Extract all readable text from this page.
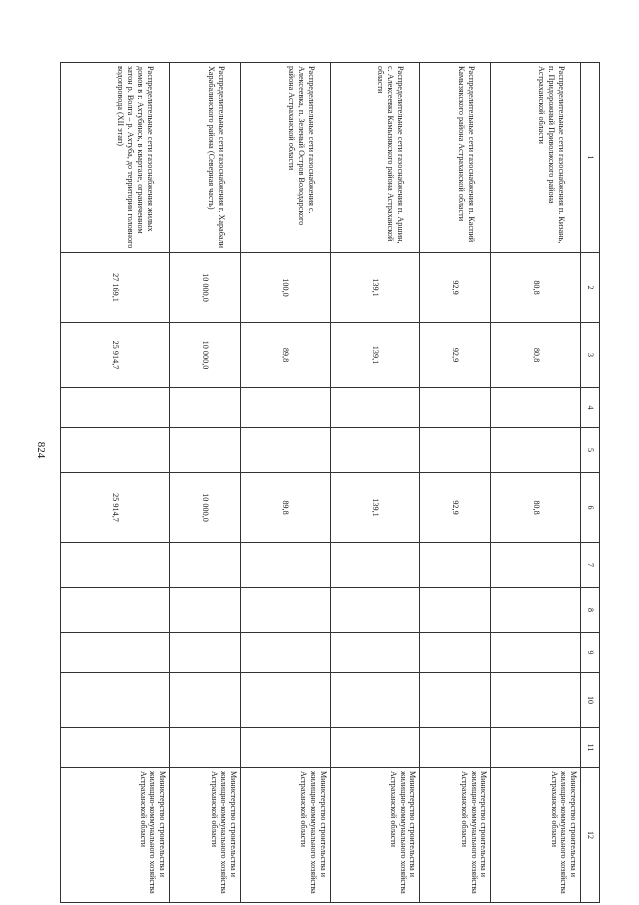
824
1	2	3	4	5	6	7	8	9	10	11	12
Распределительные сети газоснабжения п. Кизань, п. Придорожный Приволжского района Астраханской области	80,8	80,8			80,8						Министерство строительства и жилищно-коммунального хозяйства Астраханской области
Распределительные сети газоснабжения п. Каспий Камызякского района Астраханской области	92,9	92,9			92,9						Министерство строительства и жилищно-коммунального хозяйства Астраханской области
Распределительные сети газоснабжения п. Аршин, с. Алексеевка Камызякского района Астраханской области	139,1	139,1			139,1						Министерство строительства и жилищно-коммунального хозяйства Астраханской области
Распределительные сети газоснабжения с. Алексеевка, п. Зеленый Остров Володарского района Астраханской области	100,0	89,8			89,8						Министерство строительства и жилищно-коммунального хозяйства Астраханской области
Распределительные сети газоснабжения г. Харабали Харабалинского района (Северная часть)	10 000,0	10 000,0			10 000,0						Министерство строительства и жилищно-коммунального хозяйства Астраханской области
Распределительные сети газоснабжения жилых домов в г. Ахтубинск, в квартале, ограниченном затон р. Волга – р. Ахтуба, до территории головного водопровода (XII этап)	27 169,1	25 914,7			25 914,7						Министерство строительства и жилищно-коммунального хозяйства Астраханской области
